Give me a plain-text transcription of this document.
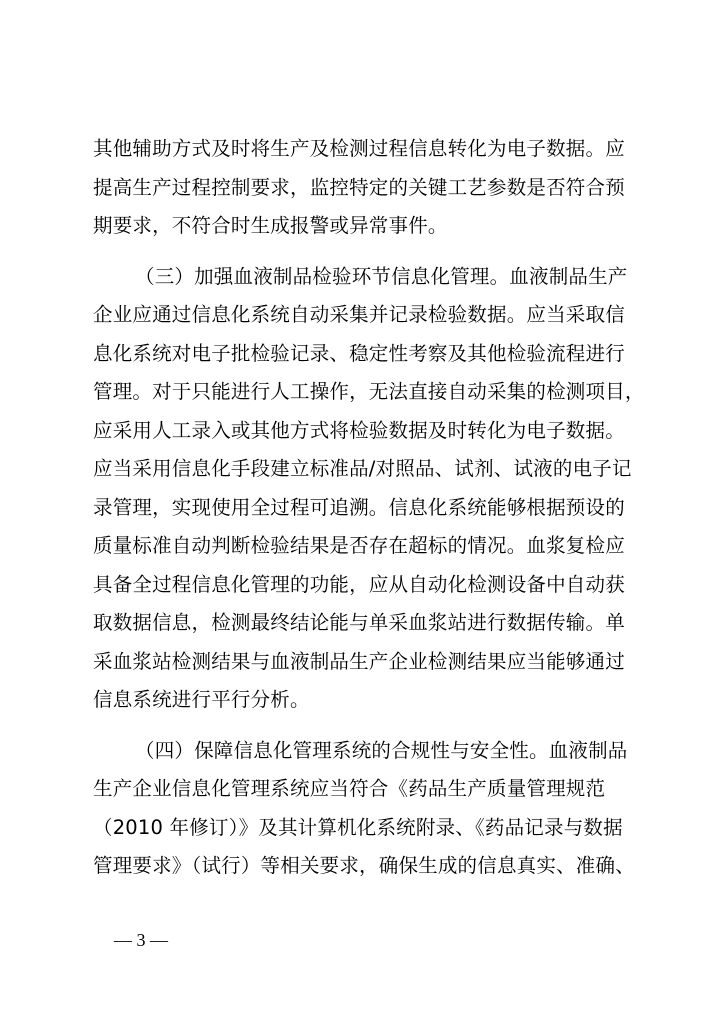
其他辅助方式及时将生产及检测过程信息转化为电子数据。应
提高生产过程控制要求，监控特定的关键工艺参数是否符合预
期要求，不符合时生成报警或异常事件。
（三）加强血液制品检验环节信息化管理。血液制品生产
企业应通过信息化系统自动采集并记录检验数据。应当采取信
息化系统对电子批检验记录、稳定性考察及其他检验流程进行
管理。对于只能进行人工操作，无法直接自动采集的检测项目，
应采用人工录入或其他方式将检验数据及时转化为电子数据。
应当采用信息化手段建立标准品/对照品、试剂、试液的电子记
录管理，实现使用全过程可追溯。信息化系统能够根据预设的
质量标准自动判断检验结果是否存在超标的情况。血浆复检应
具备全过程信息化管理的功能，应从自动化检测设备中自动获
取数据信息，检测最终结论能与单采血浆站进行数据传输。单
采血浆站检测结果与血液制品生产企业检测结果应当能够通过
信息系统进行平行分析。
（四）保障信息化管理系统的合规性与安全性。血液制品
生产企业信息化管理系统应当符合《药品生产质量管理规范
（2010 年修订）》及其计算机化系统附录、《药品记录与数据
管理要求》（试行）等相关要求，确保生成的信息真实、准确、
— 3 —
